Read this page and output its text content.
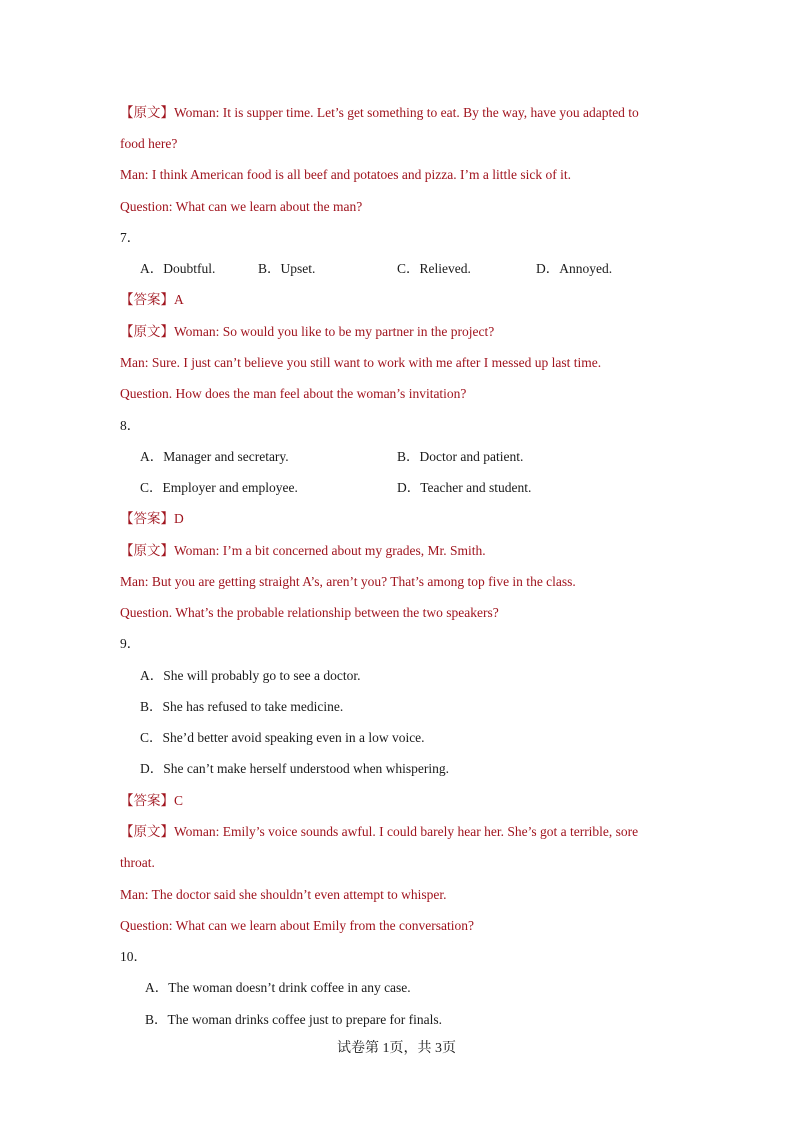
【原文】Woman: It is supper time. Let’s get something to eat. By the way, have you adapted to
food here?
Man: I think American food is all beef and potatoes and pizza. I’m a little sick of it.
Question: What can we learn about the man?
7．
A．Doubtful.	B．Upset.	C．Relieved.	D．Annoyed.
【答案】A
【原文】Woman: So would you like to be my partner in the project?
Man: Sure. I just can’t believe you still want to work with me after I messed up last time.
Question. How does the man feel about the woman’s invitation?
8．
A．Manager and secretary.	B．Doctor and patient.
C．Employer and employee.	D．Teacher and student.
【答案】D
【原文】Woman: I’m a bit concerned about my grades, Mr. Smith.
Man: But you are getting straight A’s, aren’t you? That’s among top five in the class.
Question. What’s the probable relationship between the two speakers?
9．
A．She will probably go to see a doctor.
B．She has refused to take medicine.
C．She’d better avoid speaking even in a low voice.
D．She can’t make herself understood when whispering.
【答案】C
【原文】Woman: Emily’s voice sounds awful. I could barely hear her. She’s got a terrible, sore
throat.
Man: The doctor said she shouldn’t even attempt to whisper.
Question: What can we learn about Emily from the conversation?
10．
A．The woman doesn’t drink coffee in any case.
B．The woman drinks coffee just to prepare for finals.
试卷第 1页，共 3页
